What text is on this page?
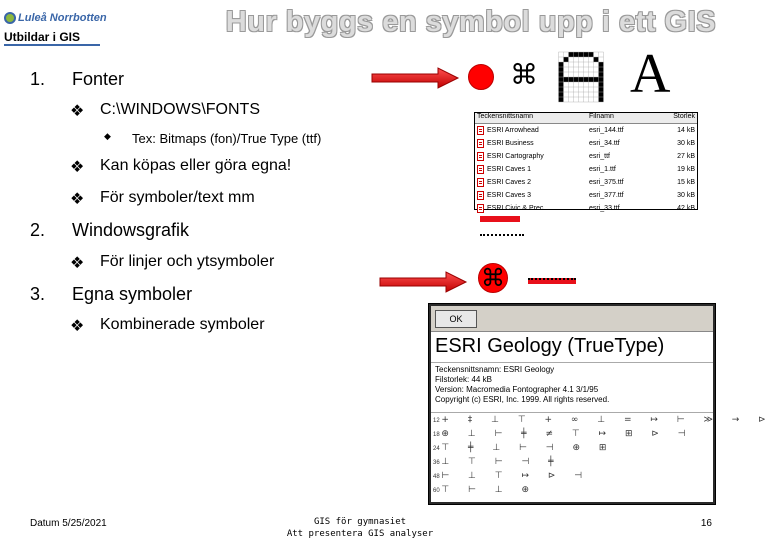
Luleå Norrbotten
Utbildar i GIS	Hur byggs en symbol upp i ett GIS
1. Fonter
❖ C:\WINDOWS\FONTS
◆ Tex: Bitmaps (fon)/True Type (ttf)
❖ Kan köpas eller göra egna!
❖ För symboler/text mm
2. Windowsgrafik
❖ För linjer och ytsymboler
3. Egna symboler
❖ Kombinerade symboler
⌘ A
Teckensnittsnamn	Filnamn	Storlek
ESRI Arrowhead	esri_144.ttf	14 kB
ESRI Business	esri_34.ttf	30 kB
ESRI Cartography	esri_ttf	27 kB
ESRI Caves 1	esri_1.ttf	19 kB
ESRI Caves 2	esri_375.ttf	15 kB
ESRI Caves 3	esri_377.ttf	30 kB
ESRI Civic & Prec...	esri_33.ttf	42 kB
⌘
OK
ESRI Geology (TrueType)
Teckensnittsnamn: ESRI Geology
Filstorlek: 44 kB
Version: Macromedia Fontographer 4.1 3/1/95
Copyright (c) ESRI, Inc. 1999. All rights reserved.
12 + ‡ ⊥ ⊤ + ∞ ⊥ = ↦ ⊢ ≫ → ⊳
18 ⊕ ⊥ ⊢ ╪ ≠ ⊤ ↦ ⊞ ⊳ ⊣
24 ⊤ ╪ ⊥ ⊢ ⊣ ⊕ ⊞
36 ⊥ ⊤ ⊢ ⊣ ╪
48 ⊢ ⊥ ⊤ ↦ ⊳ ⊣
60 ⊤ ⊢ ⊥ ⊕
Datum 5/25/2021	GIS för gymnasiet
Att presentera GIS analyser
16
